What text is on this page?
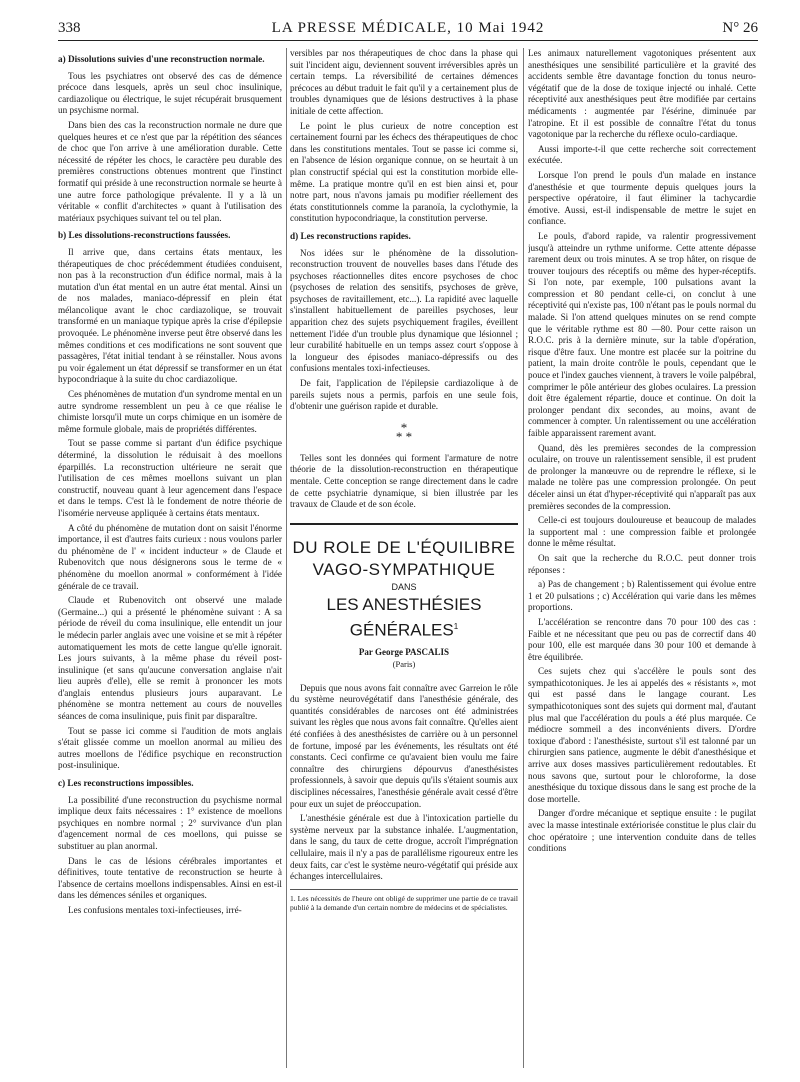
338	LA PRESSE MÉDICALE, 10 Mai 1942	N° 26

a) Dissolutions suivies d'une reconstruction normale.

Tous les psychiatres ont observé des cas de démence précoce dans lesquels, après un seul choc insulinique, cardiazolique ou électrique, le sujet récupérait brusquement un psychisme normal.

Dans bien des cas la reconstruction normale ne dure que quelques heures et ce n'est que par la répétition des séances de choc que l'on arrive à une amélioration durable. Cette nécessité de répéter les chocs, le caractère peu durable des premières constructions obtenues montrent que l'instinct formatif qui préside à une reconstruction normale se heurte à une autre force pathologique prévalente. Il y a là un véritable « conflit d'architectes » quant à l'utilisation des matériaux psychiques suivant tel ou tel plan.

b) Les dissolutions-reconstructions faussées.

Il arrive que, dans certains états mentaux, les thérapeutiques de choc précédemment étudiées conduisent, non pas à la reconstruction d'un édifice normal, mais à la mutation d'un état mental en un autre état mental. Ainsi un de nos malades, maniaco-dépressif en plein état mélancolique avant le choc cardiazolique, se trouvait transformé en un maniaque typique après la crise d'épilepsie provoquée. Le phénomène inverse peut être observé dans les mêmes conditions et ces modifications ne sont souvent que passagères, l'état initial tendant à se réinstaller. Nous avons pu voir également un état dépressif se transformer en un état hypocondriaque à la suite du choc cardiazolique.

Ces phénomènes de mutation d'un syndrome mental en un autre syndrome ressemblent un peu à ce que réalise le chimiste lorsqu'il mute un corps chimique en un isomère de même formule globale, mais de propriétés différentes.

Tout se passe comme si partant d'un édifice psychique déterminé, la dissolution le réduisait à des moellons éparpillés. La reconstruction ultérieure ne serait que l'utilisation de ces mêmes moellons suivant un plan constructif, nouveau quant à leur agencement dans l'espace et dans le temps. C'est là le fondement de notre théorie de l'isomérie nerveuse appliquée à certains états mentaux.

A côté du phénomène de mutation dont on saisit l'énorme importance, il est d'autres faits curieux : nous voulons parler du phénomène de l' « incident inducteur » de Claude et Rubenovitch que nous désignerons sous le terme de « phénomène du moellon anormal » conformément à l'idée générale de ce travail.

Claude et Rubenovitch ont observé une malade (Germaine...) qui a présenté le phénomène suivant : A sa période de réveil du coma insulinique, elle entendit un jour le médecin parler anglais avec une voisine et se mit à répéter automatiquement les mots de cette langue qu'elle ignorait. Les jours suivants, à la même phase du réveil post-insulinique (et sans qu'aucune conversation anglaise n'ait lieu auprès d'elle), elle se remit à prononcer les mots d'anglais entendus plusieurs jours auparavant. Le phénomène se montra nettement au cours de nouvelles séances de coma insulinique, puis finit par disparaître.

Tout se passe ici comme si l'audition de mots anglais s'était glissée comme un moellon anormal au milieu des autres moellons de l'édifice psychique en reconstruction post-insulinique.

c) Les reconstructions impossibles.

La possibilité d'une reconstruction du psychisme normal implique deux faits nécessaires : 1° existence de moellons psychiques en nombre normal ; 2° survivance d'un plan d'agencement normal de ces moellons, qui puisse se substituer au plan anormal.

Dans le cas de lésions cérébrales importantes et définitives, toute tentative de reconstruction se heurte à l'absence de certains moellons indispensables. Ainsi en est-il dans les démences séniles et organiques.

Les confusions mentales toxi-infectieuses, irré-

versibles par nos thérapeutiques de choc dans la phase qui suit l'incident aigu, deviennent souvent irréversibles après un certain temps. La réversibilité de certaines démences précoces au début traduit le fait qu'il y a certainement plus de troubles dynamiques que de lésions destructives à la phase initiale de cette affection.

Le point le plus curieux de notre conception est certainement fourni par les échecs des thérapeutiques de choc dans les constitutions mentales. Tout se passe ici comme si, en l'absence de lésion organique connue, on se heurtait à un plan constructif spécial qui est la constitution morbide elle-même. La pratique montre qu'il en est bien ainsi et, pour notre part, nous n'avons jamais pu modifier réellement des états constitutionnels comme la paranoïa, la cyclothymie, la constitution hypocondriaque, la constitution perverse.

d) Les reconstructions rapides.

Nos idées sur le phénomène de la dissolution-reconstruction trouvent de nouvelles bases dans l'étude des psychoses réactionnelles dites encore psychoses de choc (psychoses de relation des sensitifs, psychoses de grève, psychoses de ravitaillement, etc...). La rapidité avec laquelle s'installent habituellement de pareilles psychoses, leur apparition chez des sujets psychiquement fragiles, éveillent nettement l'idée d'un trouble plus dynamique que lésionnel ; leur curabilité habituelle en un temps assez court s'oppose à la longueur des épisodes maniaco-dépressifs ou des confusions mentales toxi-infectieuses.

De fait, l'application de l'épilepsie cardiazolique à de pareils sujets nous a permis, parfois en une seule fois, d'obtenir une guérison rapide et durable.

*
* *

Telles sont les données qui forment l'armature de notre théorie de la dissolution-reconstruction en thérapeutique mentale. Cette conception se range directement dans le cadre de cette psychiatrie dynamique, si bien illustrée par les travaux de Claude et de son école.

DU ROLE DE L'ÉQUILIBRE
VAGO-SYMPATHIQUE
DANS
LES ANESTHÉSIES GÉNÉRALES$^1$
Par George PASCALIS
(Paris)

Depuis que nous avons fait connaître avec Garreion le rôle du système neurovégétatif dans l'anesthésie générale, des quantités considérables de narcoses ont été administrées suivant les règles que nous avons fait connaître. Qu'elles aient été confiées à des anesthésistes de carrière ou à un personnel de fortune, imposé par les événements, les résultats ont été constants. Ceci confirme ce qu'avaient bien voulu me faire connaître des chirurgiens dépourvus d'anesthésistes professionnels, à savoir que depuis qu'ils s'étaient soumis aux disciplines nécessaires, l'anesthésie générale avait cessé d'être pour eux un sujet de préoccupation.

L'anesthésie générale est due à l'intoxication partielle du système nerveux par la substance inhalée. L'augmentation, dans le sang, du taux de cette drogue, accroît l'imprégnation cellulaire, mais il n'y a pas de parallélisme rigoureux entre les deux faits, car c'est le système neuro-végétatif qui préside aux échanges intercellulaires.

1. Les nécessités de l'heure ont obligé de supprimer une partie de ce travail publié à la demande d'un certain nombre de médecins et de spécialistes.

Les animaux naturellement vagotoniques présentent aux anesthésiques une sensibilité particulière et la gravité des accidents semble être davantage fonction du tonus neuro-végétatif que de la dose de toxique injecté ou inhalé. Cette réceptivité aux anesthésiques peut être modifiée par certains médicaments : augmentée par l'ésérine, diminuée par l'atropine. Et il est possible de connaître l'état du tonus vagotonique par la recherche du réflexe oculo-cardiaque.

Aussi importe-t-il que cette recherche soit correctement exécutée.

Lorsque l'on prend le pouls d'un malade en instance d'anesthésie et que tourmente depuis quelques jours la perspective opératoire, il faut éliminer la tachycardie émotive. Aussi, est-il indispensable de mettre le sujet en confiance.

Le pouls, d'abord rapide, va ralentir progressivement jusqu'à atteindre un rythme uniforme. Cette attente dépasse rarement deux ou trois minutes. A se trop hâter, on risque de trouver toujours des réceptifs ou même des hyper-réceptifs. Si l'on note, par exemple, 100 pulsations avant la compression et 80 pendant celle-ci, on conclut à une réceptivité qui n'existe pas, 100 n'étant pas le pouls normal du malade. Si l'on attend quelques minutes on se rend compte que le véritable rythme est 80 —80. Pour cette raison un R.O.C. pris à la dernière minute, sur la table d'opération, risque d'être faux. Une montre est placée sur la poitrine du patient, la main droite contrôle le pouls, cependant que le pouce et l'index gauches viennent, à travers le voile palpébral, comprimer le pôle antérieur des globes oculaires. La pression doit être également répartie, douce et continue. On doit la prolonger pendant dix secondes, au moins, avant de commencer à compter. Un ralentissement ou une accélération faible apparaissent rarement avant.

Quand, dès les premières secondes de la compression oculaire, on trouve un ralentissement sensible, il est prudent de prolonger la manœuvre ou de reprendre le réflexe, si le malade ne tolère pas une compression prolongée. On peut déceler ainsi un état d'hyper-réceptivité qui n'apparaît pas aux premières secondes de la compression.

Celle-ci est toujours douloureuse et beaucoup de malades la supportent mal : une compression faible et prolongée donne le même résultat.

On sait que la recherche du R.O.C. peut donner trois réponses :

a) Pas de changement ; b) Ralentissement qui évolue entre 1 et 20 pulsations ; c) Accélération qui varie dans les mêmes proportions.

L'accélération se rencontre dans 70 pour 100 des cas : Faible et ne nécessitant que peu ou pas de correctif dans 40 pour 100, elle est marquée dans 30 pour 100 et demande à être équilibrée.

Ces sujets chez qui s'accélère le pouls sont des sympathicotoniques. Je les ai appelés des « résistants », mot qui est passé dans le langage courant. Les sympathicotoniques sont des sujets qui dorment mal, d'autant plus mal que l'accélération du pouls a été plus marquée. Ce médiocre sommeil a des inconvénients divers. D'ordre toxique d'abord : l'anesthésiste, surtout s'il est talonné par un chirurgien sans patience, augmente le débit d'anesthésique et arrive aux doses massives particulièrement redoutables. Et nous savons que, surtout pour le chloroforme, la dose anesthésique du toxique dissous dans le sang est proche de la dose mortelle.

Danger d'ordre mécanique et septique ensuite : le pugilat avec la masse intestinale extériorisée constitue le plus clair du choc opératoire ; une intervention conduite dans de telles conditions
